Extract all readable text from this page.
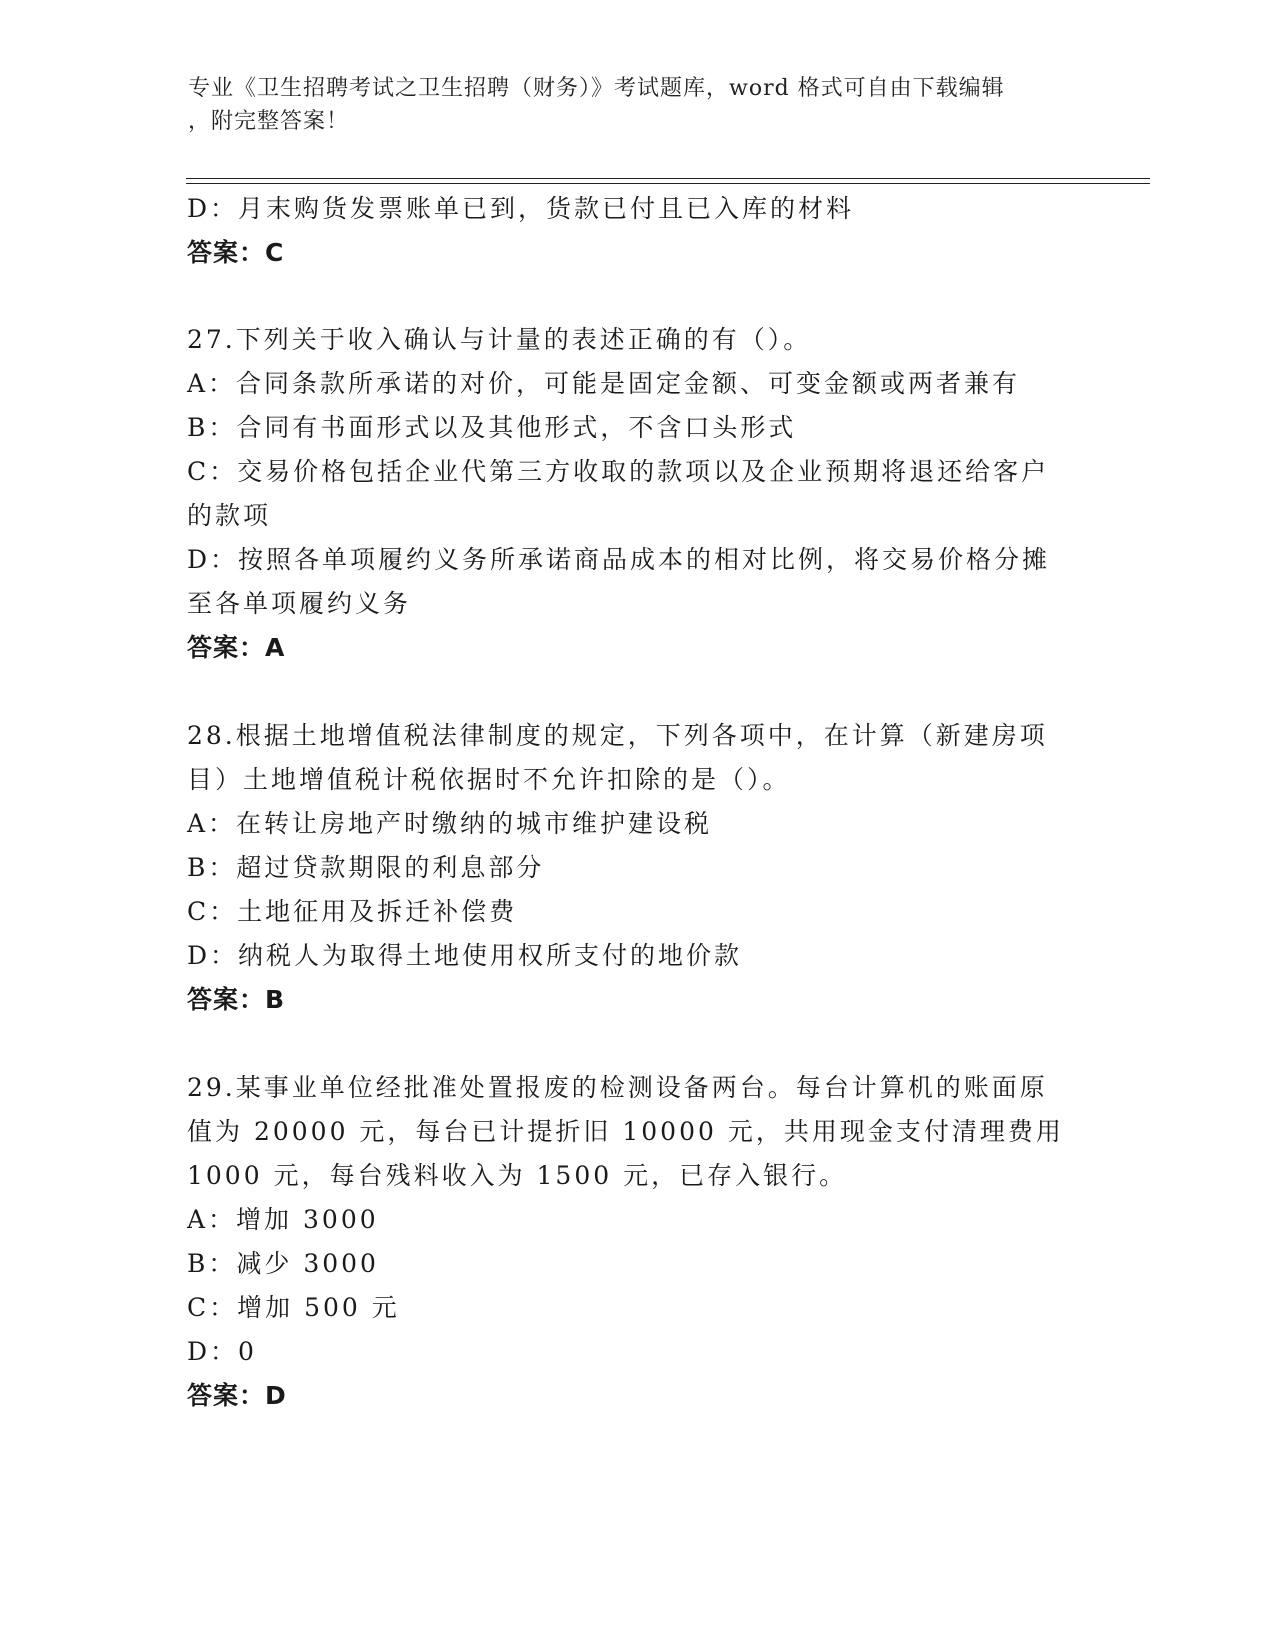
专业《卫生招聘考试之卫生招聘（财务）》考试题库，word 格式可自由下载编辑
，附完整答案！
D：月末购货发票账单已到，货款已付且已入库的材料
答案：C
27.下列关于收入确认与计量的表述正确的有（）。
A：合同条款所承诺的对价，可能是固定金额、可变金额或两者兼有
B：合同有书面形式以及其他形式，不含口头形式
C：交易价格包括企业代第三方收取的款项以及企业预期将退还给客户
的款项
D：按照各单项履约义务所承诺商品成本的相对比例，将交易价格分摊
至各单项履约义务
答案：A
28.根据土地增值税法律制度的规定，下列各项中，在计算（新建房项
目）土地增值税计税依据时不允许扣除的是（）。
A：在转让房地产时缴纳的城市维护建设税
B：超过贷款期限的利息部分
C：土地征用及拆迁补偿费
D：纳税人为取得土地使用权所支付的地价款
答案：B
29.某事业单位经批准处置报废的检测设备两台。每台计算机的账面原
值为 20000 元，每台已计提折旧 10000 元，共用现金支付清理费用
1000 元，每台残料收入为 1500 元，已存入银行。
A：增加 3000
B：减少 3000
C：增加 500 元
D：0
答案：D
